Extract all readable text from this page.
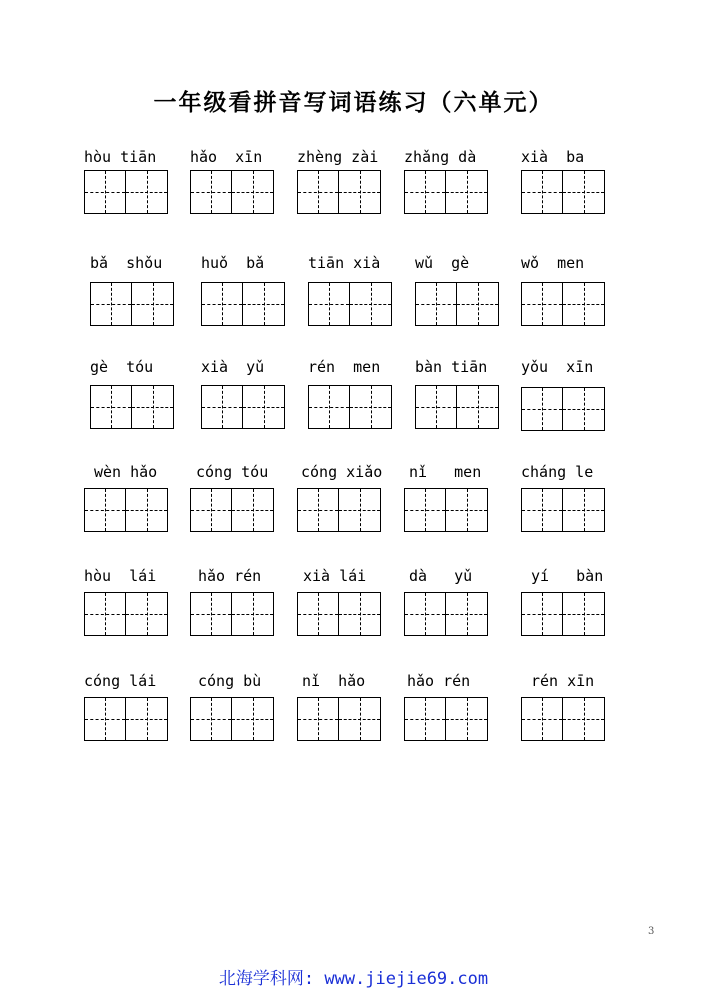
一年级看拼音写词语练习（六单元）
hòu tiān	hǎo  xīn	zhèng zài	zhǎng dà	xià  ba
bǎ  shǒu	huǒ  bǎ	tiān xià	wǔ  gè	wǒ  men
gè  tóu	xià  yǔ	rén  men	bàn tiān	yǒu  xīn
wèn hǎo	cóng tóu	cóng xiǎo	nǐ   men	cháng le
hòu  lái	hǎo rén	xià lái	dà   yǔ	yí   bàn
cóng lái	cóng bù	nǐ  hǎo	hǎo rén	rén xīn
3
北海学科网: www.jiejie69.com
